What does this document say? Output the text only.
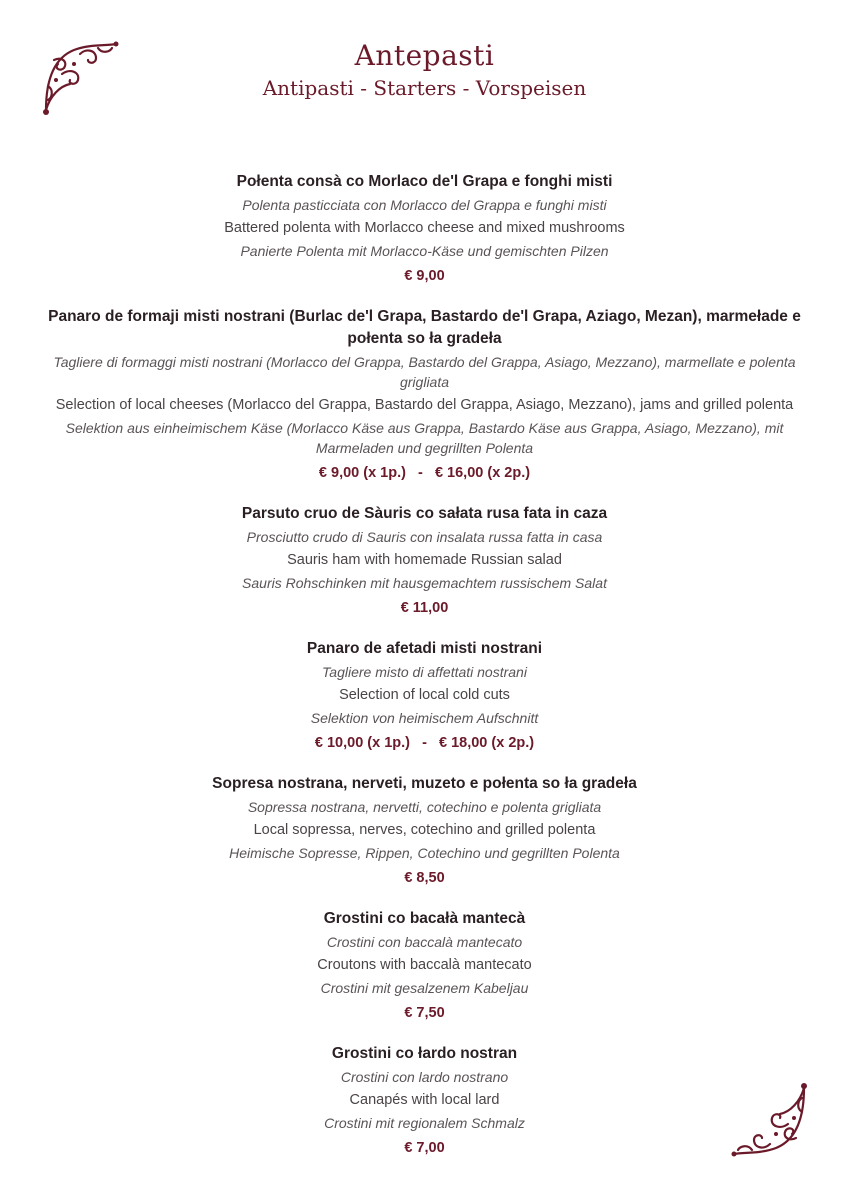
Antepasti
Antipasti - Starters - Vorspeisen
Połenta consà co Morlaco de'l Grapa e fonghi misti
Polenta pasticciata con Morlacco del Grappa e funghi misti
Battered polenta with Morlacco cheese and mixed mushrooms
Panierte Polenta mit Morlacco-Käse und gemischten Pilzen
€ 9,00
Panaro de formaji misti nostrani (Burlac de'l Grapa, Bastardo de'l Grapa, Aziago, Mezan), marmełade e połenta so ła gradeła
Tagliere di formaggi misti nostrani (Morlacco del Grappa, Bastardo del Grappa, Asiago, Mezzano), marmellate e polenta grigliata
Selection of local cheeses (Morlacco del Grappa, Bastardo del Grappa, Asiago, Mezzano), jams and grilled polenta
Selektion aus einheimischem Käse (Morlacco Käse aus Grappa, Bastardo Käse aus Grappa, Asiago, Mezzano), mit Marmeladen und gegrillten Polenta
€ 9,00 (x 1p.)   -   € 16,00 (x 2p.)
Parsuto cruo de Sàuris co sałata rusa fata in caza
Prosciutto crudo di Sauris con insalata russa fatta in casa
Sauris ham with homemade Russian salad
Sauris Rohschinken mit hausgemachtem russischem Salat
€ 11,00
Panaro de afetadi misti nostrani
Tagliere misto di affettati nostrani
Selection of local cold cuts
Selektion von heimischem Aufschnitt
€ 10,00 (x 1p.)   -   € 18,00 (x 2p.)
Sopresa nostrana, nerveti, muzeto e połenta so ła gradeła
Sopressa nostrana, nervetti, cotechino e polenta grigliata
Local sopressa, nerves, cotechino and grilled polenta
Heimische Sopresse, Rippen, Cotechino und gegrillten Polenta
€ 8,50
Grostini co bacałà mantecà
Crostini con baccalà mantecato
Croutons with baccalà mantecato
Crostini mit gesalzenem Kabeljau
€ 7,50
Grostini co łardo nostran
Crostini con lardo nostrano
Canapés with local lard
Crostini mit regionalem Schmalz
€ 7,00
